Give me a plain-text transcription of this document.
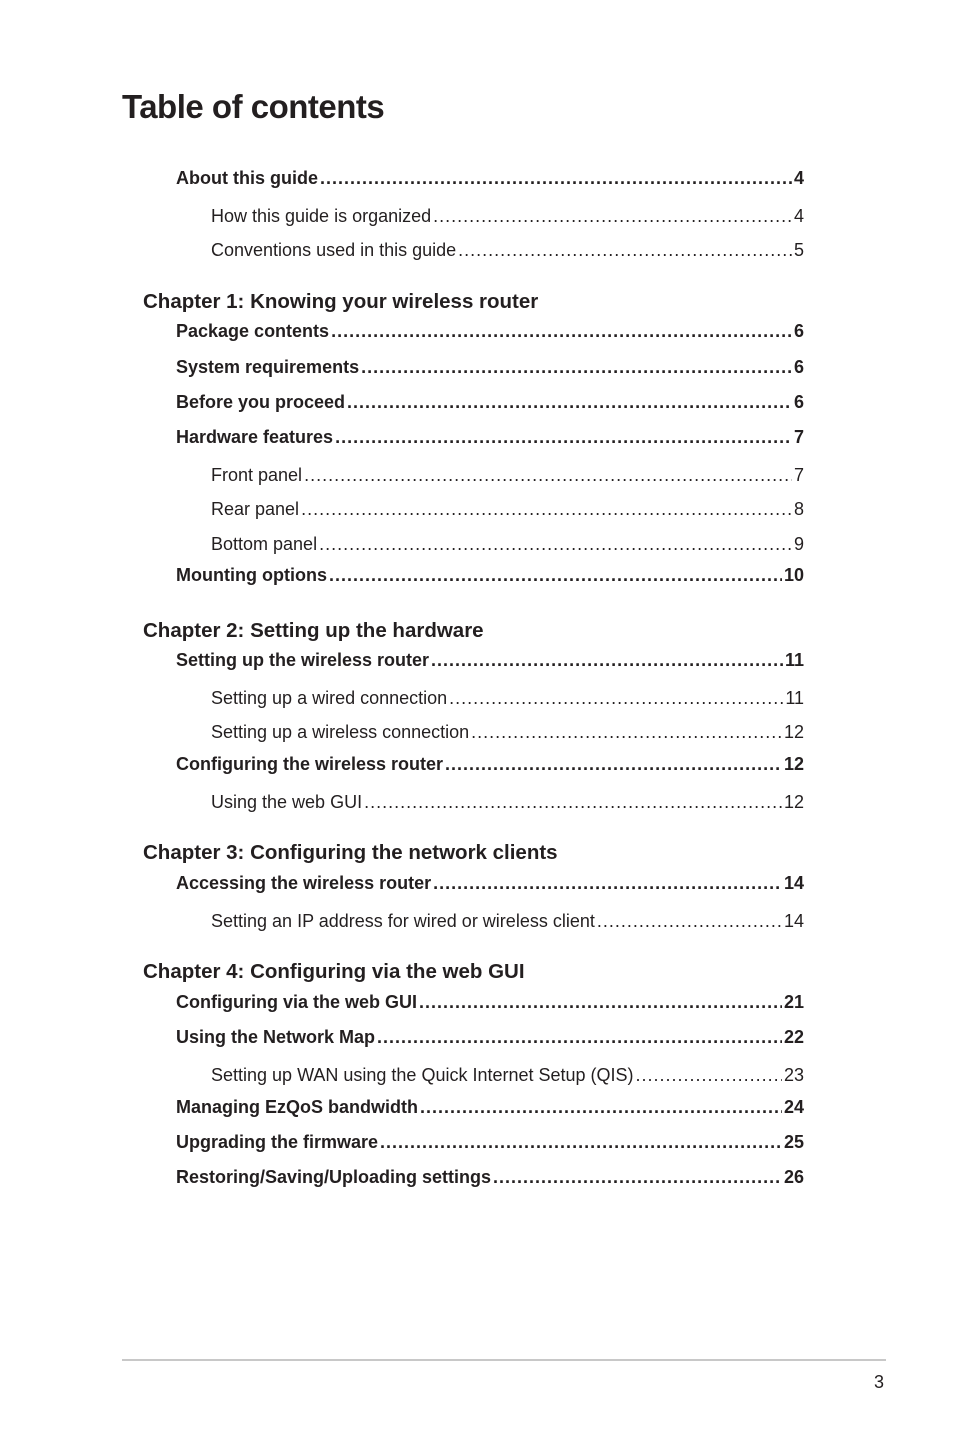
Table of contents
About this guide .....	4
How this guide is organized .....	4
Conventions used in this guide .....	5
Chapter 1: Knowing your wireless router
Package contents .....	6
System requirements .....	6
Before you proceed .....	6
Hardware features .....	7
Front panel .....	7
Rear panel .....	8
Bottom panel .....	9
Mounting options .....	10
Chapter 2: Setting up the hardware
Setting up the wireless router .....	11
Setting up a wired connection .....	11
Setting up a wireless connection .....	12
Configuring the wireless router .....	12
Using the web GUI .....	12
Chapter 3: Configuring the network clients
Accessing the wireless router .....	14
Setting an IP address for wired or wireless client .....	14
Chapter 4: Configuring via the web GUI
Configuring via the web GUI .....	21
Using the Network Map .....	22
Setting up WAN using the Quick Internet Setup (QIS) .....	23
Managing EzQoS bandwidth .....	24
Upgrading the firmware .....	25
Restoring/Saving/Uploading settings .....	26
3
